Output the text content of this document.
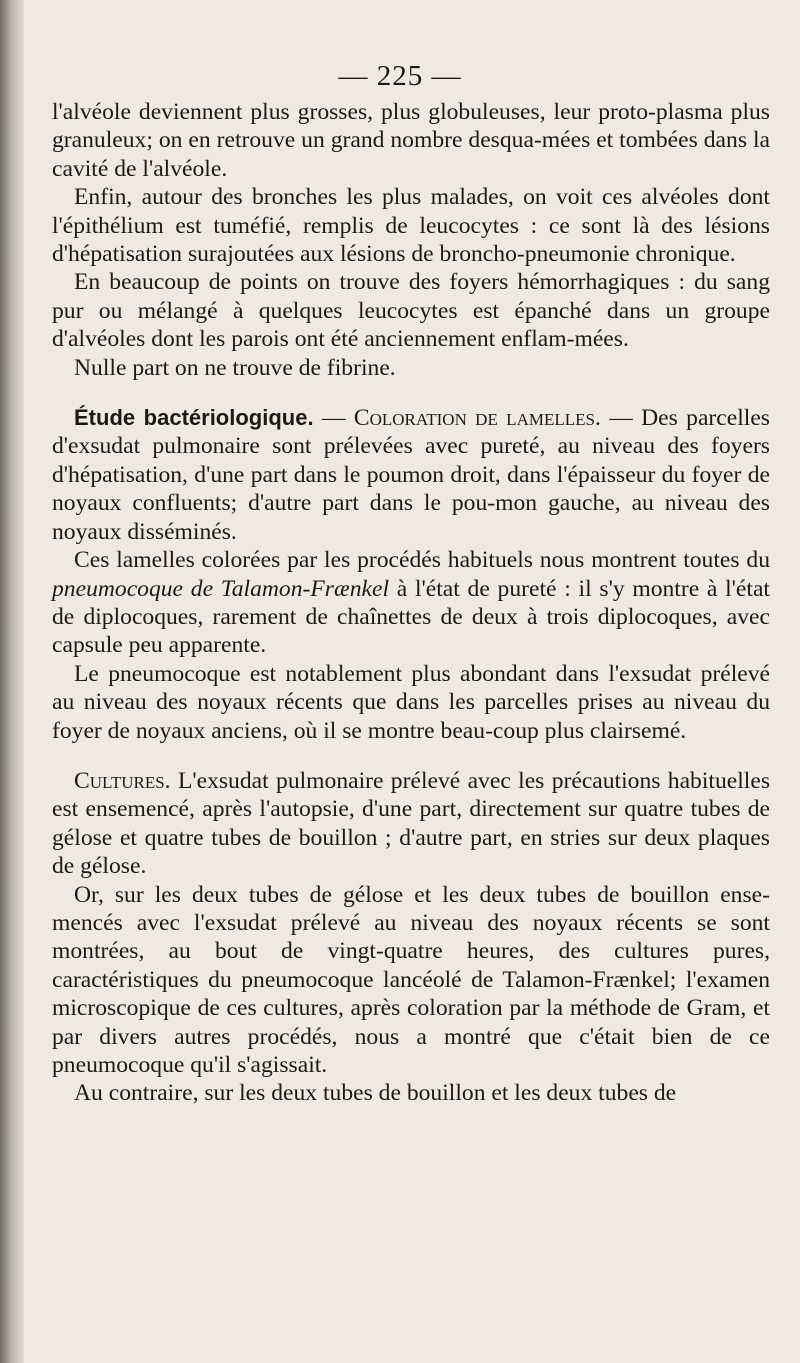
— 225 —

l'alvéole deviennent plus grosses, plus globuleuses, leur proto-plasma plus granuleux; on en retrouve un grand nombre desqua-mées et tombées dans la cavité de l'alvéole.

Enfin, autour des bronches les plus malades, on voit ces alvéoles dont l'épithélium est tuméfié, remplis de leucocytes : ce sont là des lésions d'hépatisation surajoutées aux lésions de broncho-pneumonie chronique.

En beaucoup de points on trouve des foyers hémorrhagiques : du sang pur ou mélangé à quelques leucocytes est épanché dans un groupe d'alvéoles dont les parois ont été anciennement enflam-mées.

Nulle part on ne trouve de fibrine.

Étude bactériologique. — Coloration de lamelles. — Des parcelles d'exsudat pulmonaire sont prélevées avec pureté, au niveau des foyers d'hépatisation, d'une part dans le poumon droit, dans l'épaisseur du foyer de noyaux confluents; d'autre part dans le pou-mon gauche, au niveau des noyaux disséminés.

Ces lamelles colorées par les procédés habituels nous montrent toutes du pneumocoque de Talamon-Frænkel à l'état de pureté : il s'y montre à l'état de diplocoques, rarement de chaînettes de deux à trois diplocoques, avec capsule peu apparente.

Le pneumocoque est notablement plus abondant dans l'exsudat prélevé au niveau des noyaux récents que dans les parcelles prises au niveau du foyer de noyaux anciens, où il se montre beau-coup plus clairsemé.

Cultures. L'exsudat pulmonaire prélevé avec les précautions habituelles est ensemencé, après l'autopsie, d'une part, directement sur quatre tubes de gélose et quatre tubes de bouillon ; d'autre part, en stries sur deux plaques de gélose.

Or, sur les deux tubes de gélose et les deux tubes de bouillon ense-mencés avec l'exsudat prélevé au niveau des noyaux récents se sont montrées, au bout de vingt-quatre heures, des cultures pures, caractéristiques du pneumocoque lancéolé de Talamon-Frænkel; l'examen microscopique de ces cultures, après coloration par la méthode de Gram, et par divers autres procédés, nous a montré que c'était bien de ce pneumocoque qu'il s'agissait.

Au contraire, sur les deux tubes de bouillon et les deux tubes de
